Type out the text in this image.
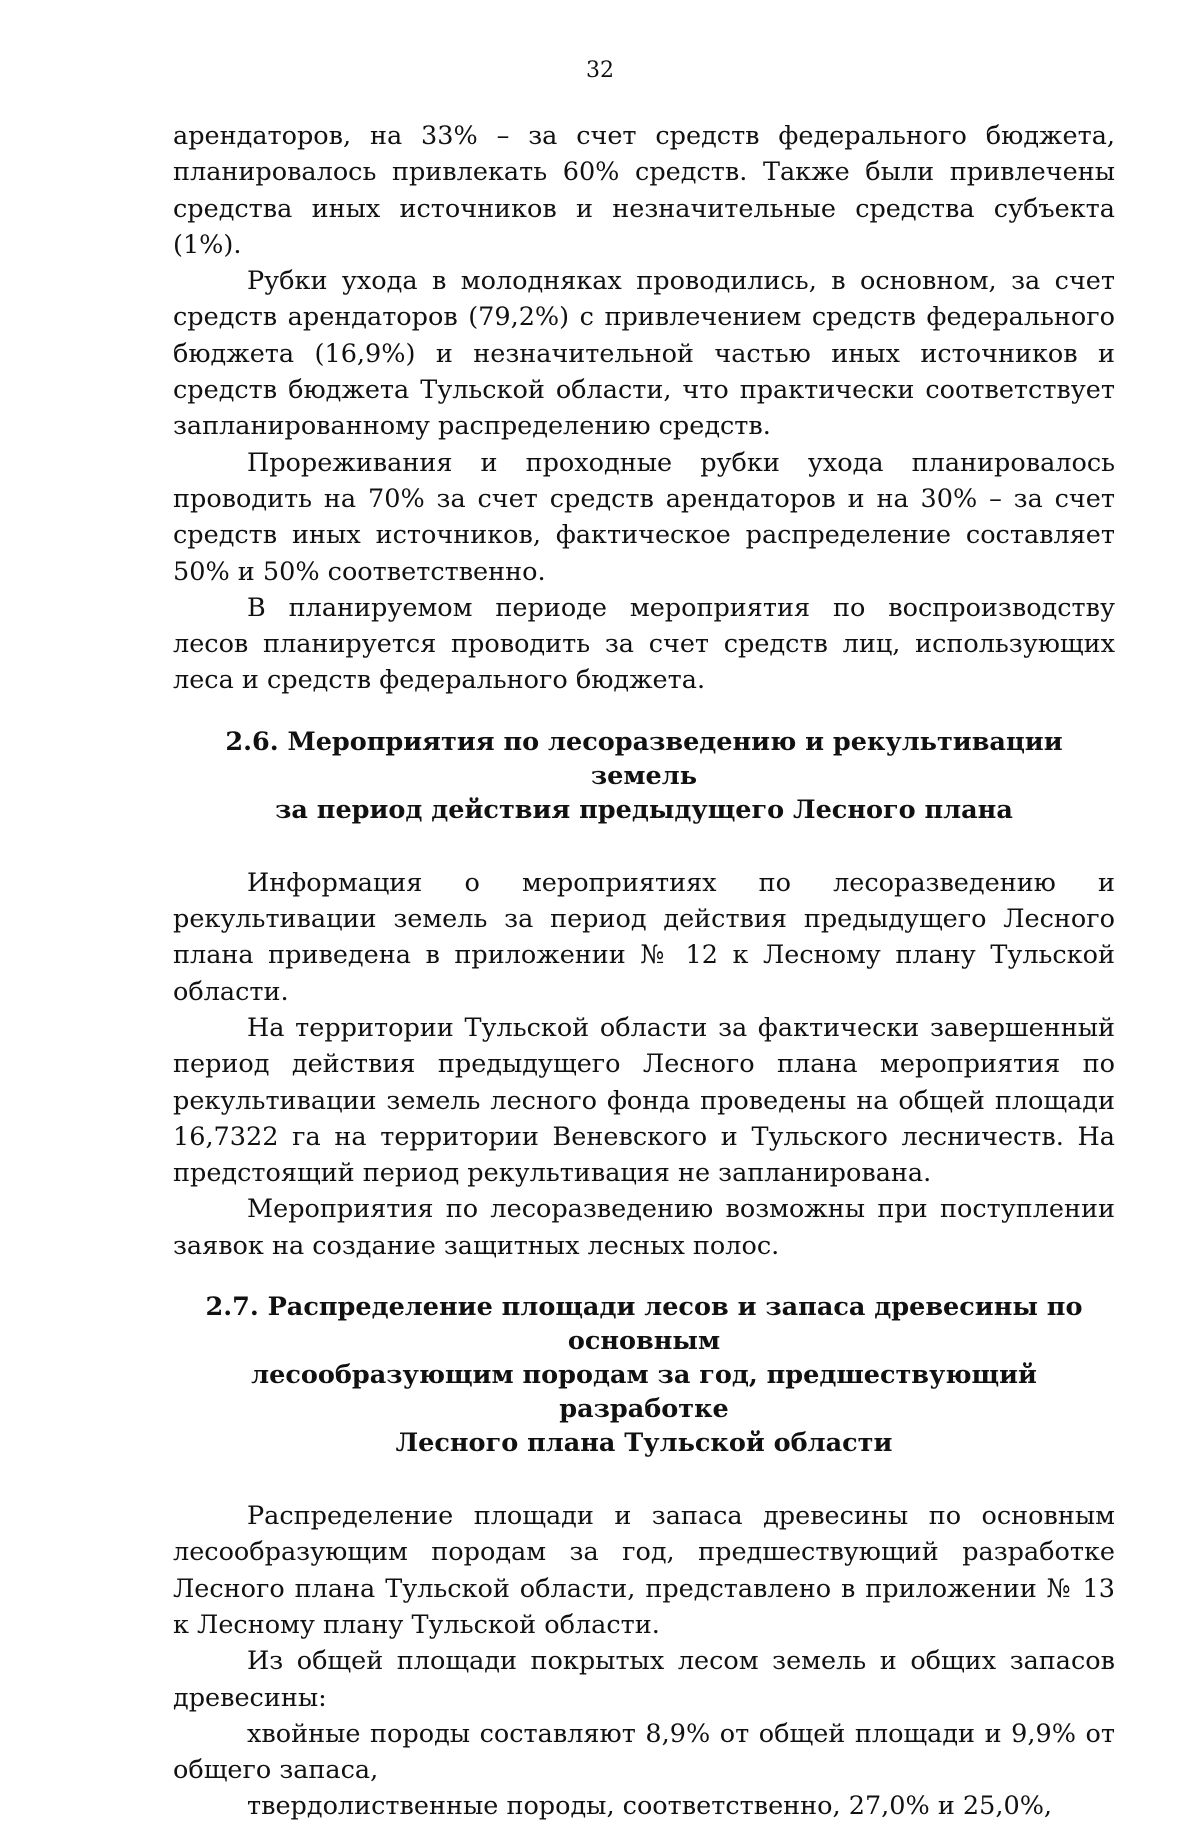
32

арендаторов, на 33% – за счет средств федерального бюджета, планировалось привлекать 60% средств. Также были привлечены средства иных источников и незначительные средства субъекта (1%).

Рубки ухода в молодняках проводились, в основном, за счет средств арендаторов (79,2%) с привлечением средств федерального бюджета (16,9%) и незначительной частью иных источников и средств бюджета Тульской области, что практически соответствует запланированному распределению средств.

Прореживания и проходные рубки ухода планировалось проводить на 70% за счет средств арендаторов и на 30% – за счет средств иных источников, фактическое распределение составляет 50% и 50% соответственно.

В планируемом периоде мероприятия по воспроизводству лесов планируется проводить за счет средств лиц, использующих леса и средств федерального бюджета.

2.6. Мероприятия по лесоразведению и рекультивации земель
за период действия предыдущего Лесного плана

Информация о мероприятиях по лесоразведению и рекультивации земель за период действия предыдущего Лесного плана приведена в приложении № 12 к Лесному плану Тульской области.

На территории Тульской области за фактически завершенный период действия предыдущего Лесного плана мероприятия по рекультивации земель лесного фонда проведены на общей площади 16,7322 га на территории Веневского и Тульского лесничеств. На предстоящий период рекультивация не запланирована.

Мероприятия по лесоразведению возможны при поступлении заявок на создание защитных лесных полос.

2.7. Распределение площади лесов и запаса древесины по основным
лесообразующим породам за год, предшествующий разработке
Лесного плана Тульской области

Распределение площади и запаса древесины по основным лесообразующим породам за год, предшествующий разработке Лесного плана Тульской области, представлено в приложении № 13 к Лесному плану Тульской области.

Из общей площади покрытых лесом земель и общих запасов древесины:

хвойные породы составляют 8,9% от общей площади и 9,9% от общего запаса,

твердолиственные породы, соответственно, 27,0% и 25,0%,
